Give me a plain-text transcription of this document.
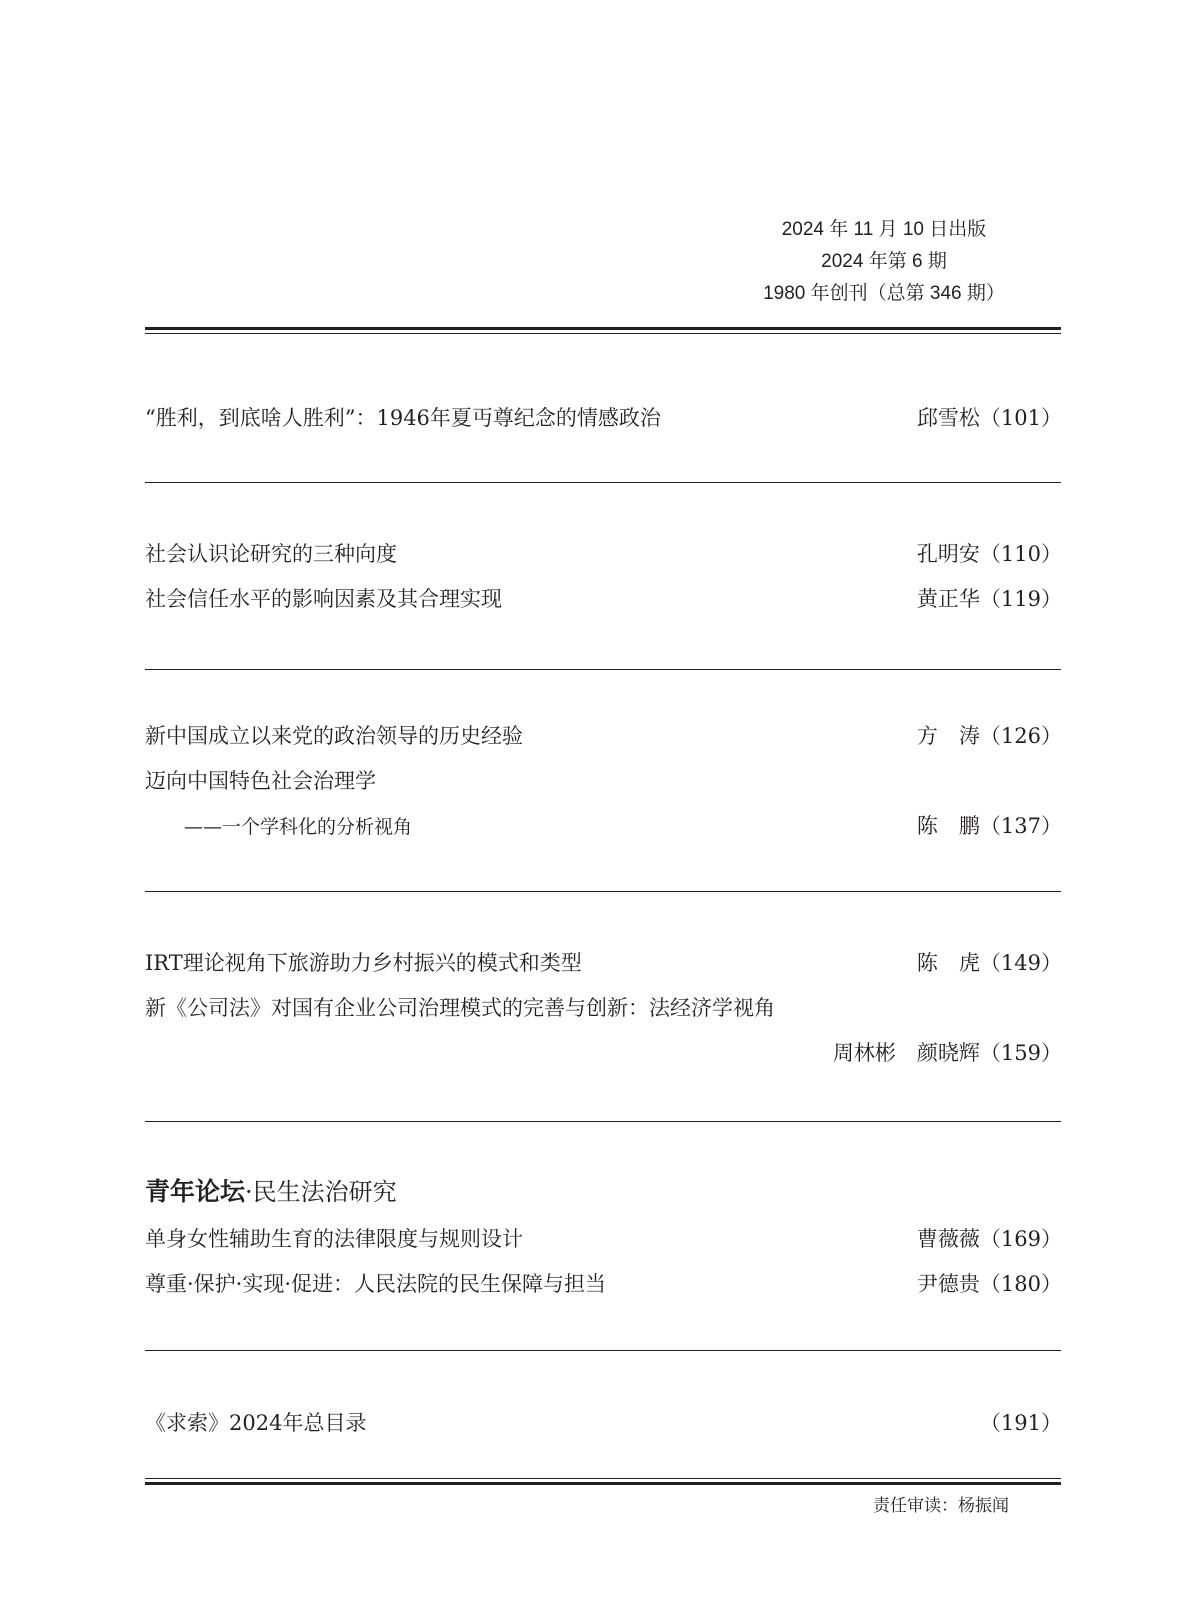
2024 年 11 月 10 日出版
2024 年第 6 期
1980 年创刊（总第 346 期）
“胜利，到底啥人胜利”：1946年夏丏尊纪念的情感政治	邱雪松（101）
社会认识论研究的三种向度	孔明安（110）
社会信任水平的影响因素及其合理实现	黄正华（119）
新中国成立以来党的政治领导的历史经验	方　涛（126）
迈向中国特色社会治理学
——一个学科化的分析视角	陈　鹏（137）
IRT理论视角下旅游助力乡村振兴的模式和类型	陈　虎（149）
新《公司法》对国有企业公司治理模式的完善与创新：法经济学视角
周林彬　颜晓辉（159）
青年论坛·民生法治研究
单身女性辅助生育的法律限度与规则设计	曹薇薇（169）
尊重·保护·实现·促进：人民法院的民生保障与担当	尹德贵（180）
《求索》2024年总目录	（191）
责任审读：杨振闻
